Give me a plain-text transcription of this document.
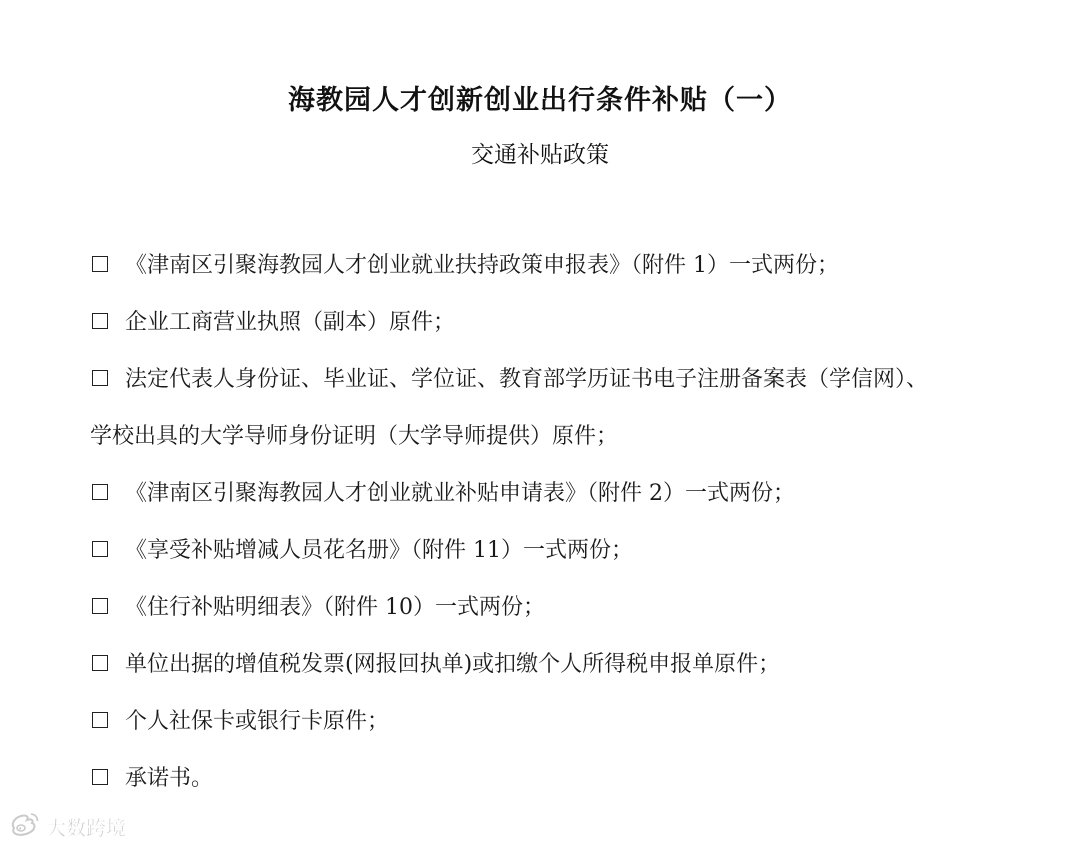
海教园人才创新创业出行条件补贴（一）
交通补贴政策
《津南区引聚海教园人才创业就业扶持政策申报表》（附件 1）一式两份；
企业工商营业执照（副本）原件；
法定代表人身份证、毕业证、学位证、教育部学历证书电子注册备案表（学信网）、
学校出具的大学导师身份证明（大学导师提供）原件；
《津南区引聚海教园人才创业就业补贴申请表》（附件 2）一式两份；
《享受补贴增减人员花名册》（附件 11）一式两份；
《住行补贴明细表》（附件 10）一式两份；
单位出据的增值税发票(网报回执单)或扣缴个人所得税申报单原件；
个人社保卡或银行卡原件；
承诺书。
大数跨境
